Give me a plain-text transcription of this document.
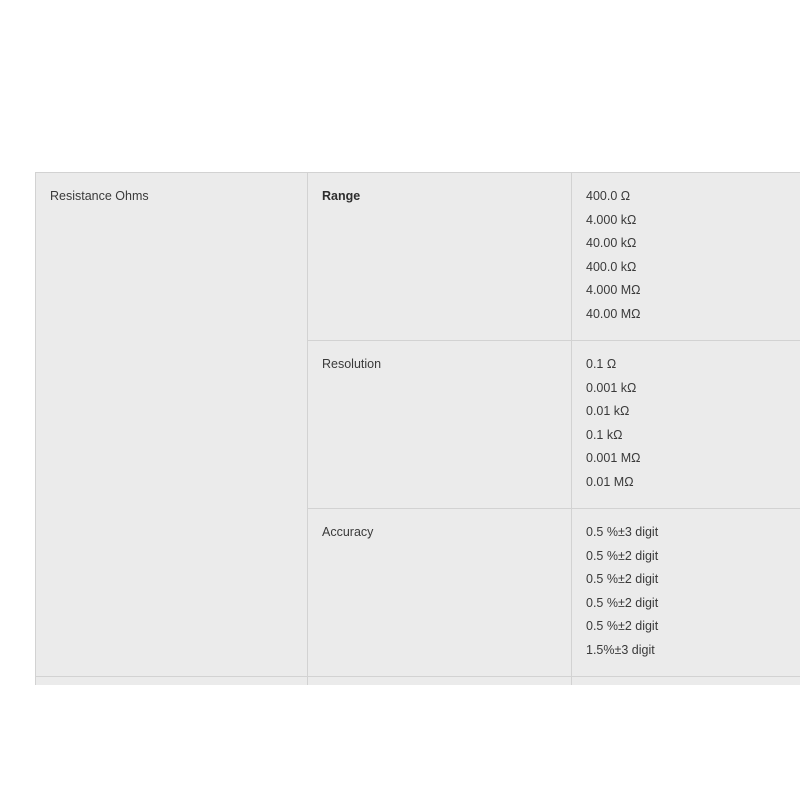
Resistance Ohms	Range	400.0 Ω
4.000 kΩ
40.00 kΩ
400.0 kΩ
4.000 MΩ
40.00 MΩ

Resolution	0.1 Ω
0.001 kΩ
0.01 kΩ
0.1 kΩ
0.001 MΩ
0.01 MΩ

Accuracy	0.5 %±3 digit
0.5 %±2 digit
0.5 %±2 digit
0.5 %±2 digit
0.5 %±2 digit
1.5%±3 digit
